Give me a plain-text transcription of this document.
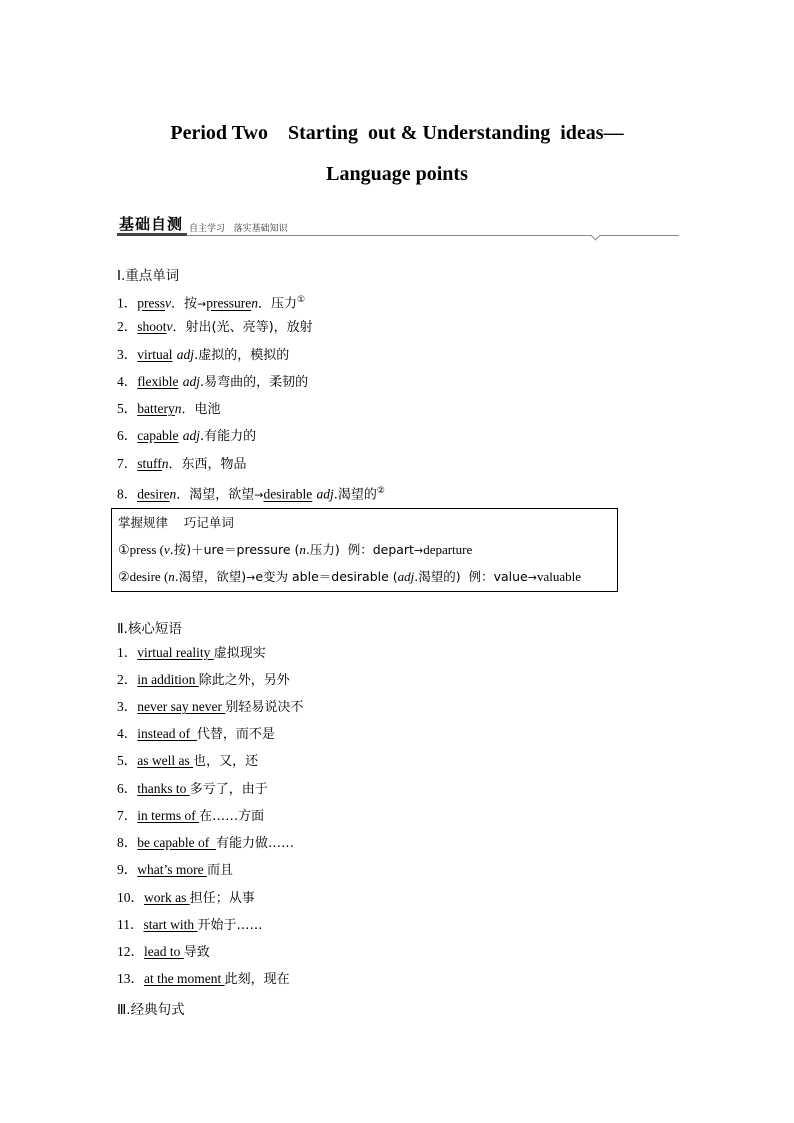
Period Two    Starting  out & Understanding  ideas—
Language points
基础自测 自主学习   落实基础知识
Ⅰ.重点单词
1．pressv．按→pressuren．压力①
2．shootv．射出(光、亮等)，放射
3．virtual adj.虚拟的，模拟的
4．flexible adj.易弯曲的，柔韧的
5．batteryn．电池
6．capable adj.有能力的
7．stuffn．东西，物品
8．desiren．渴望，欲望→desirable adj.渴望的②
掌握规律    巧记单词
①press (v.按)＋ure＝pressure (n.压力)  例：depart→departure
②desire (n.渴望，欲望)→e变为 able＝desirable (adj.渴望的)  例：value→valuable
Ⅱ.核心短语
1．virtual reality 虚拟现实
2．in addition 除此之外，另外
3．never say never 别轻易说决不
4．instead of  代替，而不是
5．as well as 也，又，还
6．thanks to 多亏了，由于
7．in terms of 在……方面
8．be capable of  有能力做……
9．what’s more 而且
10．work as 担任；从事
11．start with 开始于……
12．lead to 导致
13．at the moment 此刻，现在
Ⅲ.经典句式
